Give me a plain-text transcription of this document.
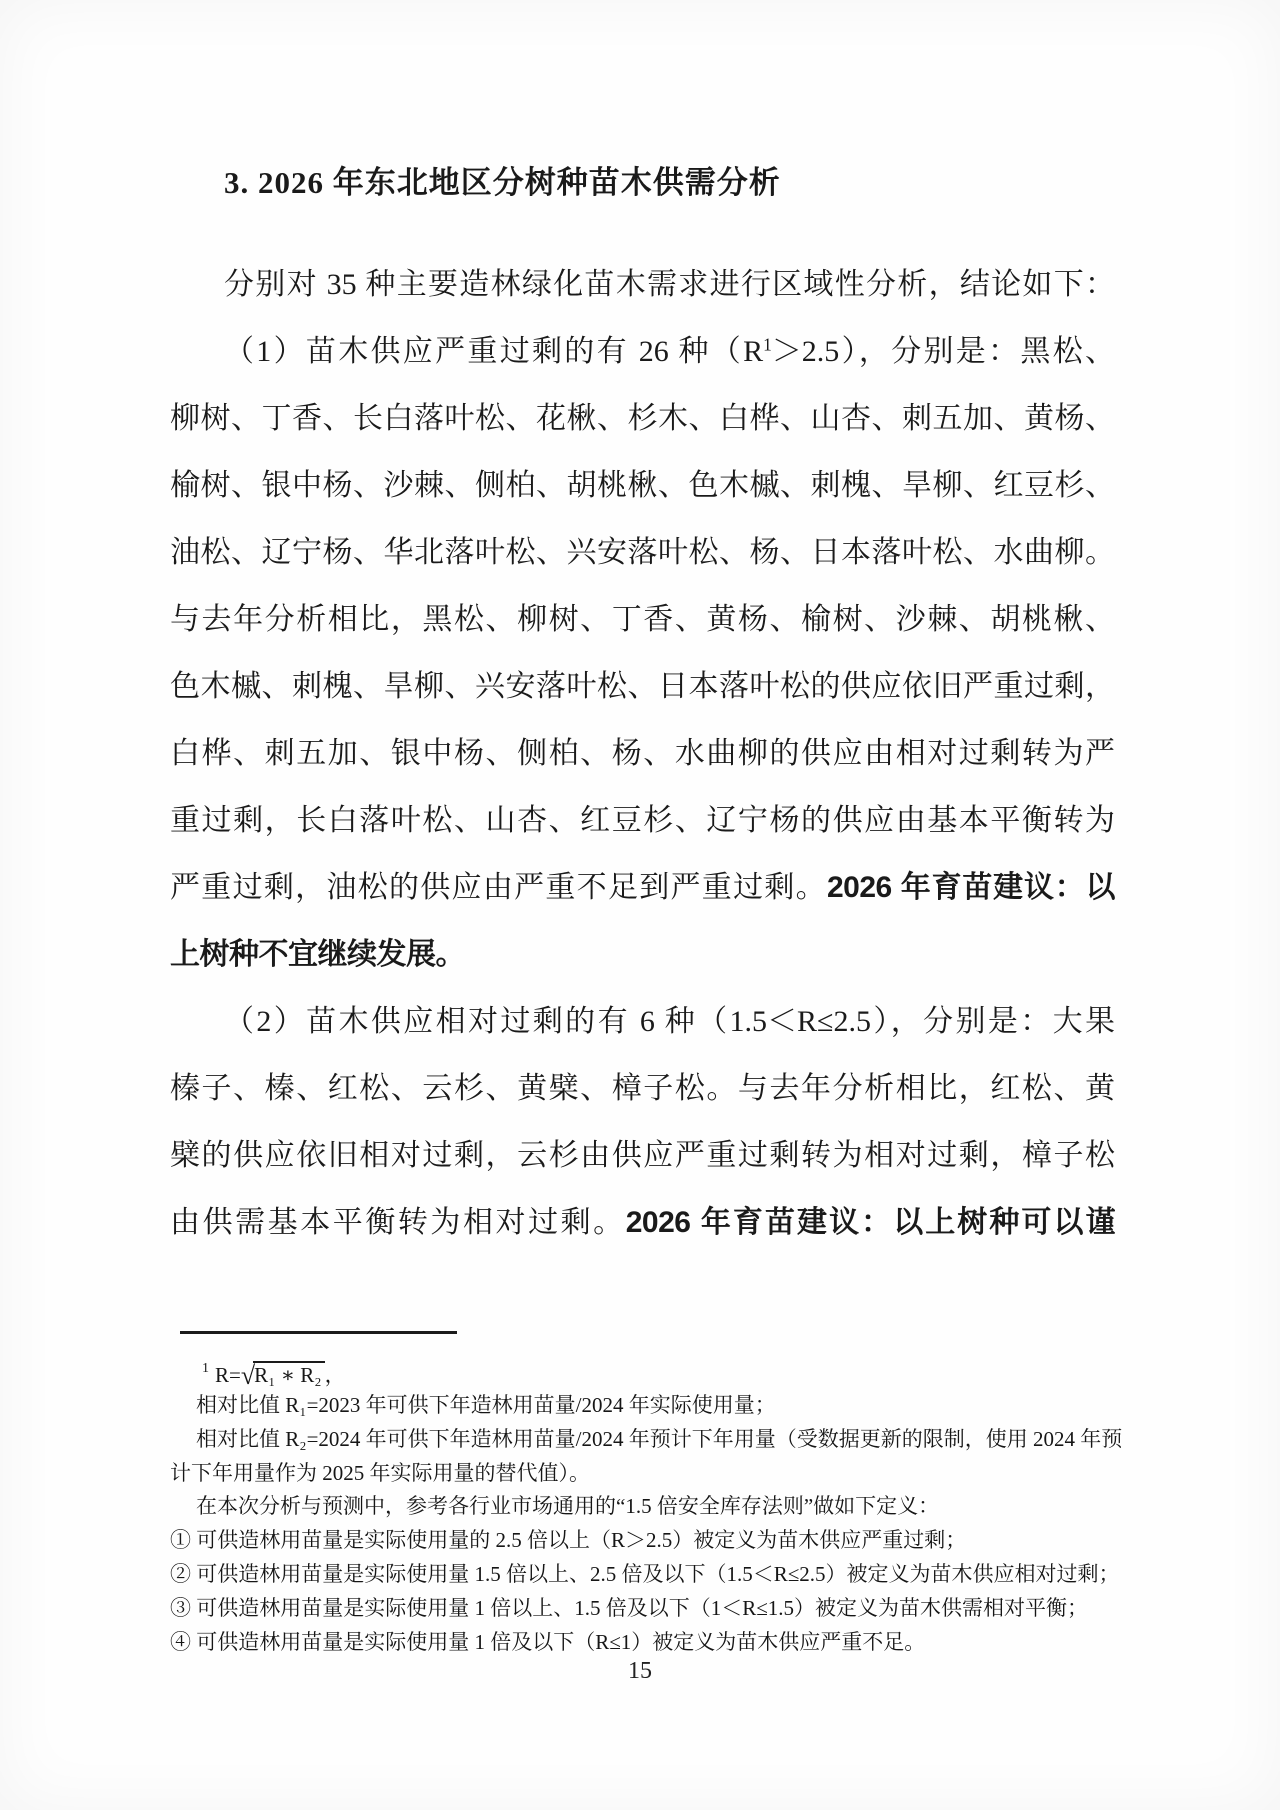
3. 2026 年东北地区分树种苗木供需分析
分别对 35 种主要造林绿化苗木需求进行区域性分析，结论如下：
（1）苗木供应严重过剩的有 26 种$(R^1>2.5)$，分别是：黑松、
柳树、丁香、长白落叶松、花楸、杉木、白桦、山杏、刺五加、黄杨、
榆树、银中杨、沙棘、侧柏、胡桃楸、色木槭、刺槐、旱柳、红豆杉、
油松、辽宁杨、华北落叶松、兴安落叶松、杨、日本落叶松、水曲柳。
与去年分析相比，黑松、柳树、丁香、黄杨、榆树、沙棘、胡桃楸、
色木槭、刺槐、旱柳、兴安落叶松、日本落叶松的供应依旧严重过剩，
白桦、刺五加、银中杨、侧柏、杨、水曲柳的供应由相对过剩转为严
重过剩，长白落叶松、山杏、红豆杉、辽宁杨的供应由基本平衡转为
严重过剩，油松的供应由严重不足到严重过剩。2026 年育苗建议：以
上树种不宜继续发展。
（2）苗木供应相对过剩的有 6 种（1.5＜R≤2.5），分别是：大果
榛子、榛、红松、云杉、黄檗、樟子松。与去年分析相比，红松、黄
檗的供应依旧相对过剩，云杉由供应严重过剩转为相对过剩，樟子松
由供需基本平衡转为相对过剩。2026 年育苗建议：以上树种可以谨
$^1$ R=√R₁ ∗ R₂ ，
相对比值 R₁=2023 年可供下年造林用苗量/2024 年实际使用量；
相对比值 R₂=2024 年可供下年造林用苗量/2024 年预计下年用量（受数据更新的限制，使用 2024 年预
计下年用量作为 2025 年实际用量的替代值）。
在本次分析与预测中，参考各行业市场通用的“1.5 倍安全库存法则”做如下定义：
① 可供造林用苗量是实际使用量的 2.5 倍以上（R＞2.5）被定义为苗木供应严重过剩；
② 可供造林用苗量是实际使用量 1.5 倍以上、2.5 倍及以下（1.5＜R≤2.5）被定义为苗木供应相对过剩；
③ 可供造林用苗量是实际使用量 1 倍以上、1.5 倍及以下（1＜R≤1.5）被定义为苗木供需相对平衡；
④ 可供造林用苗量是实际使用量 1 倍及以下（R≤1）被定义为苗木供应严重不足。
15
